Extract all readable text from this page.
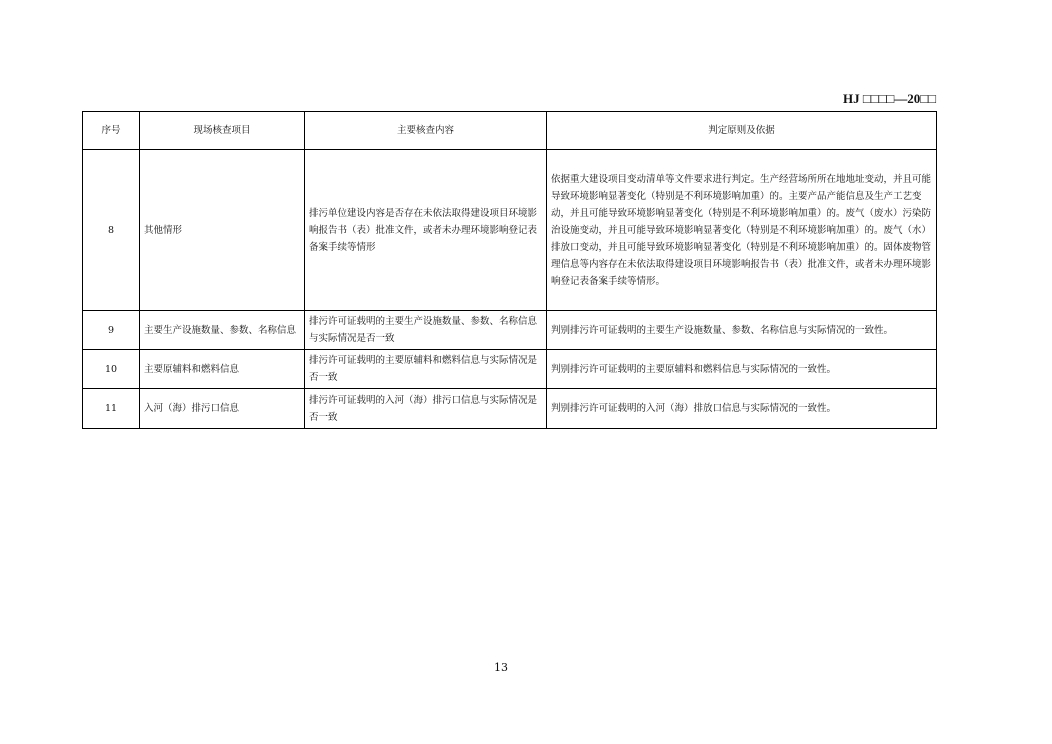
HJ □□□□—20□□
序号	现场核查项目	主要核查内容	判定原则及依据
8	其他情形	排污单位建设内容是否存在未依法取得建设项目环境影响报告书（表）批准文件，或者未办理环境影响登记表备案手续等情形	依据重大建设项目变动清单等文件要求进行判定。生产经营场所所在地地址变动，并且可能导致环境影响显著变化（特别是不利环境影响加重）的。主要产品产能信息及生产工艺变动，并且可能导致环境影响显著变化（特别是不利环境影响加重）的。废气（废水）污染防治设施变动，并且可能导致环境影响显著变化（特别是不利环境影响加重）的。废气（水）排放口变动，并且可能导致环境影响显著变化（特别是不利环境影响加重）的。固体废物管理信息等内容存在未依法取得建设项目环境影响报告书（表）批准文件，或者未办理环境影响登记表备案手续等情形。
9	主要生产设施数量、参数、名称信息	排污许可证载明的主要生产设施数量、参数、名称信息与实际情况是否一致	判别排污许可证载明的主要生产设施数量、参数、名称信息与实际情况的一致性。
10	主要原辅料和燃料信息	排污许可证载明的主要原辅料和燃料信息与实际情况是否一致	判别排污许可证载明的主要原辅料和燃料信息与实际情况的一致性。
11	入河（海）排污口信息	排污许可证载明的入河（海）排污口信息与实际情况是否一致	判别排污许可证载明的入河（海）排放口信息与实际情况的一致性。
13
